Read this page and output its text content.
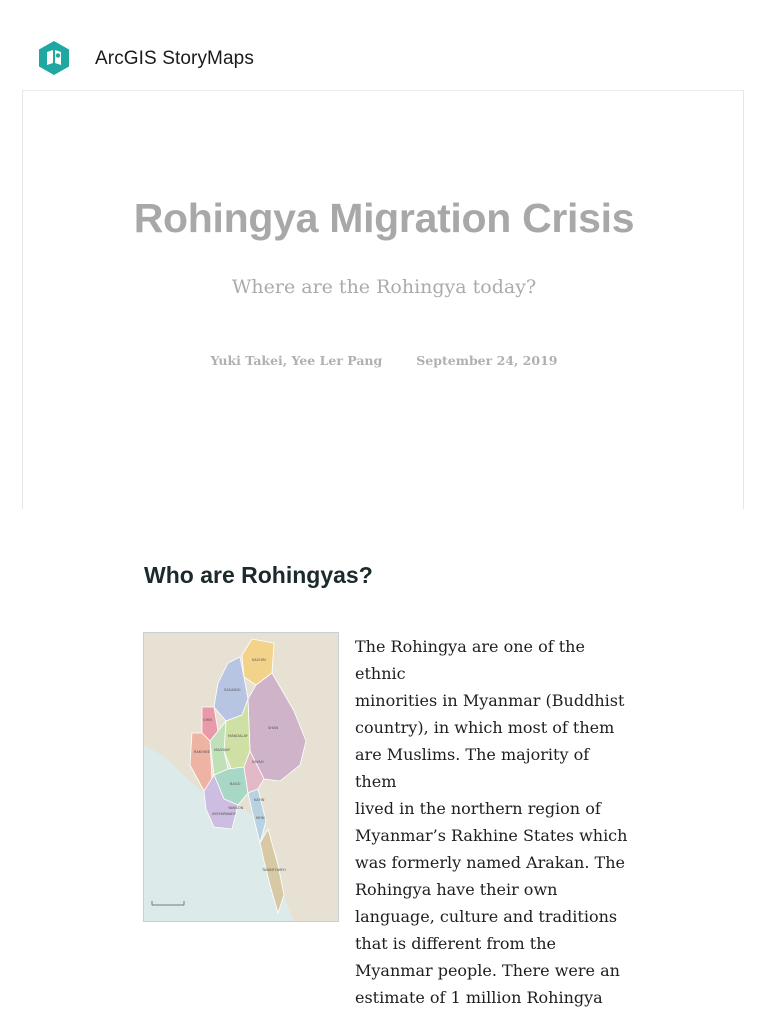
ArcGIS StoryMaps
Rohingya Migration Crisis
Where are the Rohingya today?
Yuki Takei, Yee Ler Pang	September 24, 2019
Who are Rohingyas?
KACHIN
SAGAING
SHAN
MANDALAY
CHIN
RAKHINE MAGWAY
BAGO
KAYIN
MON
TANINTHARYI
YANGON
AYEYARWADY
KAYAH

The Rohingya are one of the ethnic
minorities in Myanmar (Buddhist
country), in which most of them
are Muslims. The majority of them
lived in the northern region of
Myanmar’s Rakhine States which
was formerly named Arakan. The
Rohingya have their own
language, culture and traditions
that is different from the
Myanmar people. There were an
estimate of 1 million Rohingya
